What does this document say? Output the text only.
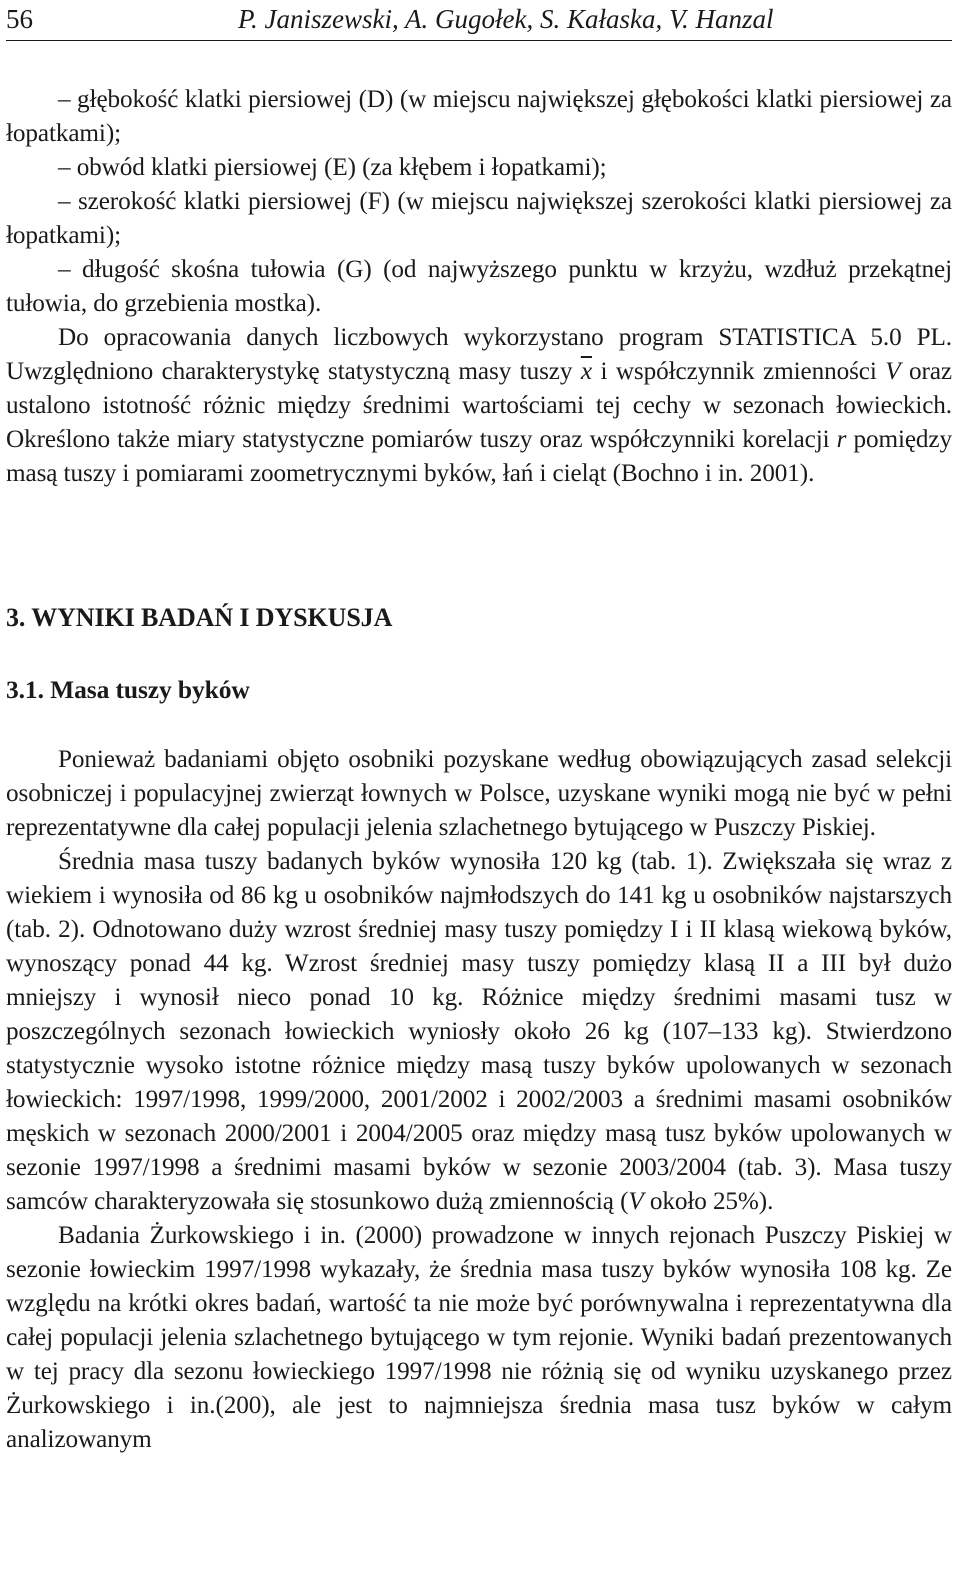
56	P. Janiszewski, A. Gugołek, S. Kałaska, V. Hanzal

– głębokość klatki piersiowej (D) (w miejscu największej głębokości klatki piersiowej za łopatkami);

– obwód klatki piersiowej (E) (za kłębem i łopatkami);

– szerokość klatki piersiowej (F) (w miejscu największej szerokości klatki piersiowej za łopatkami);

– długość skośna tułowia (G) (od najwyższego punktu w krzyżu, wzdłuż przekątnej tułowia, do grzebienia mostka).

Do opracowania danych liczbowych wykorzystano program STATISTICA 5.0 PL. Uwzględniono charakterystykę statystyczną masy tuszy $\overline{x}$ i współczynnik zmienności V oraz ustalono istotność różnic między średnimi wartościami tej cechy w sezonach łowieckich. Określono także miary statystyczne pomiarów tuszy oraz współczynniki korelacji r pomiędzy masą tuszy i pomiarami zoometrycznymi byków, łań i cieląt (Bochno i in. 2001).

3. WYNIKI BADAŃ I DYSKUSJA

3.1. Masa tuszy byków

Ponieważ badaniami objęto osobniki pozyskane według obowiązujących zasad selekcji osobniczej i populacyjnej zwierząt łownych w Polsce, uzyskane wyniki mogą nie być w pełni reprezentatywne dla całej populacji jelenia szlachetnego bytującego w Puszczy Piskiej.

Średnia masa tuszy badanych byków wynosiła 120 kg (tab. 1). Zwiększała się wraz z wiekiem i wynosiła od 86 kg u osobników najmłodszych do 141 kg u osobników najstarszych (tab. 2). Odnotowano duży wzrost średniej masy tuszy pomiędzy I i II klasą wiekową byków, wynoszący ponad 44 kg. Wzrost średniej masy tuszy pomiędzy klasą II a III był dużo mniejszy i wynosił nieco ponad 10 kg. Różnice między średnimi masami tusz w poszczególnych sezonach łowieckich wyniosły około 26 kg (107–133 kg). Stwierdzono statystycznie wysoko istotne różnice między masą tuszy byków upolowanych w sezonach łowieckich: 1997/1998, 1999/2000, 2001/2002 i 2002/2003 a średnimi masami osobników męskich w sezonach 2000/2001 i 2004/2005 oraz między masą tusz byków upolowanych w sezonie 1997/1998 a średnimi masami byków w sezonie 2003/2004 (tab. 3). Masa tuszy samców charakteryzowała się stosunkowo dużą zmiennością (V około 25%).

Badania Żurkowskiego i in. (2000) prowadzone w innych rejonach Puszczy Piskiej w sezonie łowieckim 1997/1998 wykazały, że średnia masa tuszy byków wynosiła 108 kg. Ze względu na krótki okres badań, wartość ta nie może być porównywalna i reprezentatywna dla całej populacji jelenia szlachetnego bytującego w tym rejonie. Wyniki badań prezentowanych w tej pracy dla sezonu łowieckiego 1997/1998 nie różnią się od wyniku uzyskanego przez Żurkowskiego i in.(200), ale jest to najmniejsza średnia masa tusz byków w całym analizowanym
